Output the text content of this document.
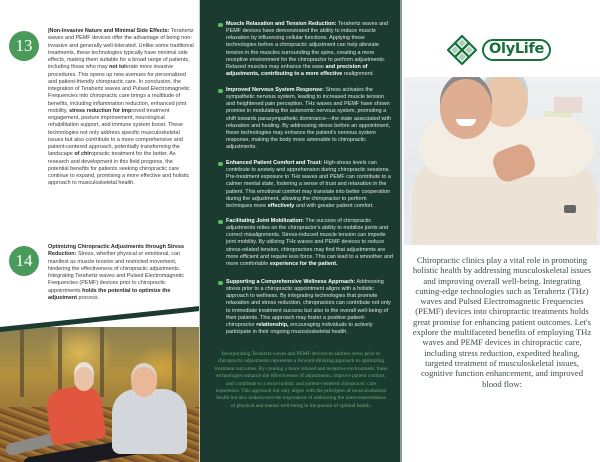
13

|Non-Invasive Nature and Minimal Side Effects: Terahertz waves and PEMF devices offer the advantage of being non-invasive and generally well-tolerated. Unlike some traditional treatments, these technologies typically have minimal side effects, making them suitable for a broad range of patients, including those who may not tolerate more invasive procedures. This opens up new avenues for personalized and patient-friendly chiropractic care. In conclusion, the integration of Terahertz waves and Pulsed Electromagnetic Frequencies into chiropractic care brings a multitude of benefits, including inflammation reduction, enhanced joint mobility, stress reduction for improved treatment engagement, posture improvement, neurological rehabilitation support, and immune system boost. These technologies not only address specific musculoskeletal issues but also contribute to a more comprehensive and patient-centered approach, potentially transforming the landscape of chiropractic treatment for the better. As research and development in this field progress, the potential benefits for patients seeking chiropractic care continue to expand, promising a more effective and holistic approach to musculoskeletal health.

14

Optimizing Chiropractic Adjustments through Stress Reduction: Stress, whether physical or emotional, can manifest as muscle tension and restricted movement, hindering the effectiveness of chiropractic adjustments. Integrating Terahertz waves and Pulsed Electromagnetic Frequencies (PEMF) devices prior to chiropractic appointments holds the potential to optimize the adjustment process.

Muscle Relaxation and Tension Reduction: Terahertz waves and PEMF devices have demonstrated the ability to induce muscle relaxation by influencing cellular functions. Applying these technologies before a chiropractic adjustment can help alleviate tension in the muscles surrounding the spine, creating a more receptive environment for the chiropractor to perform adjustments. Relaxed muscles may enhance the ease and precision of adjustments, contributing to a more effective realignment.
Improved Nervous System Response: Stress activates the sympathetic nervous system, leading to increased muscle tension and heightened pain perception. THz waves and PEMF have shown promise in modulating the autonomic nervous system, promoting a shift towards parasympathetic dominance—the state associated with relaxation and healing. By addressing stress before an appointment, these technologies may enhance the patient's nervous system response, making the body more amenable to chiropractic adjustments.
Enhanced Patient Comfort and Trust: High-stress levels can contribute to anxiety and apprehension during chiropractic sessions. Pre-treatment exposure to THz waves and PEMF can contribute to a calmer mental state, fostering a sense of trust and relaxation in the patient. This emotional comfort may translate into better cooperation during the adjustment, allowing the chiropractor to perform techniques more effectively and with greater patient comfort.
Facilitating Joint Mobilization: The success of chiropractic adjustments relies on the chiropractor's ability to mobilize joints and correct misalignments. Stress-induced muscle tension can impede joint mobility. By utilizing THz waves and PEMF devices to reduce stress-related tension, chiropractors may find that adjustments are more efficient and require less force. This can lead to a smoother and more comfortable experience for the patient.
Supporting a Comprehensive Wellness Approach: Addressing stress prior to a chiropractic appointment aligns with a holistic approach to wellness. By integrating technologies that promote relaxation and stress reduction, chiropractors can contribute not only to immediate treatment success but also to the overall well-being of their patients. This approach may foster a positive patient-chiropractor relationship, encouraging individuals to actively participate in their ongoing musculoskeletal health.

Incorporating Terahertz waves and PEMF devices to address stress prior to chiropractic adjustments represents a forward-thinking approach to optimizing treatment outcomes. By creating a more relaxed and receptive environment, these technologies enhance the effectiveness of adjustments, improve patient comfort, and contribute to a more holistic and patient-centered chiropractic care experience. This approach not only aligns with the principles of musculoskeletal health but also underscores the importance of addressing the interconnectedness of physical and mental well-being in the pursuit of optimal health.

OlyLife

Chiropractic clinics play a vital role in promoting holistic health by addressing musculoskeletal issues and improving overall well-being. Integrating cutting-edge technologies such as Terahertz (THz) waves and Pulsed Electromagnetic Frequencies (PEMF) devices into chiropractic treatments holds great promise for enhancing patient outcomes. Let's explore the multifaceted benefits of employing THz waves and PEMF devices in chiropractic care, including stress reduction, expedited healing, targeted treatment of musculoskeletal issues, cognitive function enhancement, and improved blood flow:
